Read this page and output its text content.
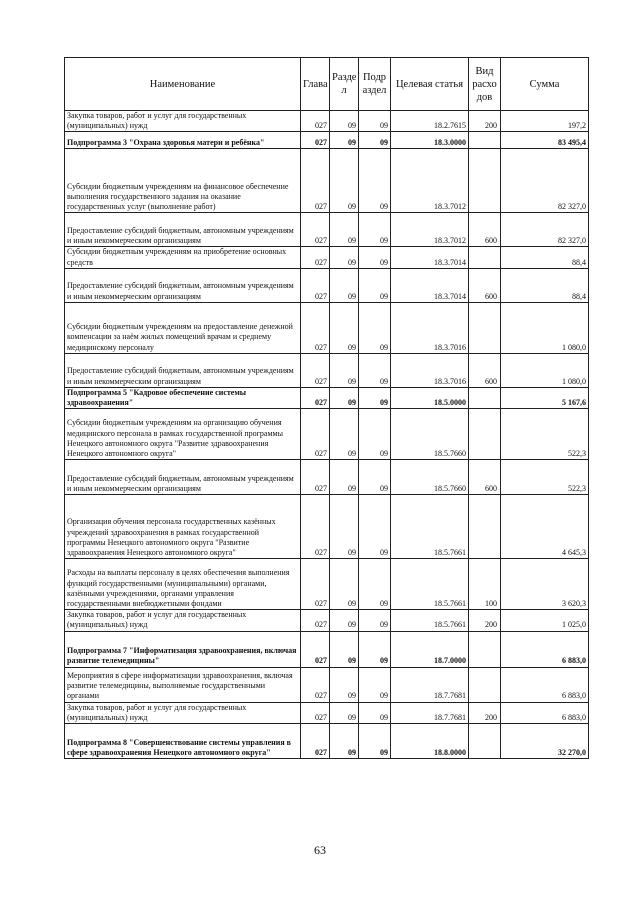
Наименование	Глава	Разде л	Подр аздел	Целевая статья	Вид расхо дов	Сумма
Закупка товаров, работ и услуг для государственных (муниципальных) нужд	027	09	09	18.2.7615	200	197,2
Подпрограмма 3 "Охрана здоровья матери и ребёнка"	027	09	09	18.3.0000		83 495,4
Субсидии бюджетным учреждениям на финансовое обеспечение выполнения государственного задания на оказание государственных услуг (выполнение работ)	027	09	09	18.3.7012		82 327,0
Предоставление субсидий бюджетным, автономным учреждениям и иным некоммерческим организациям	027	09	09	18.3.7012	600	82 327,0
Субсидии бюджетным учреждениям на приобретение основных средств	027	09	09	18.3.7014		88,4
Предоставление субсидий бюджетным, автономным учреждениям и иным некоммерческим организациям	027	09	09	18.3.7014	600	88,4
Субсидии бюджетным учреждениям на предоставление денежной компенсации за наём жилых помещений врачам и среднему медицинскому персоналу	027	09	09	18.3.7016		1 080,0
Предоставление субсидий бюджетным, автономным учреждениям и иным некоммерческим организациям	027	09	09	18.3.7016	600	1 080,0
Подпрограмма 5 "Кадровое обеспечение системы здравоохранения"	027	09	09	18.5.0000		5 167,6
Субсидии бюджетным учреждениям на организацию обучения медицинского персонала в рамках государственной программы Ненецкого автономного округа "Развитие здравоохранения Ненецкого автономного округа"	027	09	09	18.5.7660		522,3
Предоставление субсидий бюджетным, автономным учреждениям и иным некоммерческим организациям	027	09	09	18.5.7660	600	522,3
Организация обучения персонала государственных казённых учреждений здравоохранения в рамках государственной программы Ненецкого автономного округа "Развитие здравоохранения Ненецкого автономного округа"	027	09	09	18.5.7661		4 645,3
Расходы на выплаты персоналу в целях обеспечения выполнения функций государственными (муниципальными) органами, казёнными учреждениями, органами управления государственными внебюджетными фондами	027	09	09	18.5.7661	100	3 620,3
Закупка товаров, работ и услуг для государственных (муниципальных) нужд	027	09	09	18.5.7661	200	1 025,0
Подпрограмма 7 "Информатизация здравоохранения, включая развитие телемедицины"	027	09	09	18.7.0000		6 883,0
Мероприятия в сфере информатизации здравоохранения, включая развитие телемедицины, выполняемые государственными органами	027	09	09	18.7.7681		6 883,0
Закупка товаров, работ и услуг для государственных (муниципальных) нужд	027	09	09	18.7.7681	200	6 883,0
Подпрограмма 8 "Совершенствование системы управления в сфере здравоохранения Ненецкого автономного округа"	027	09	09	18.8.0000		32 270,0
63
